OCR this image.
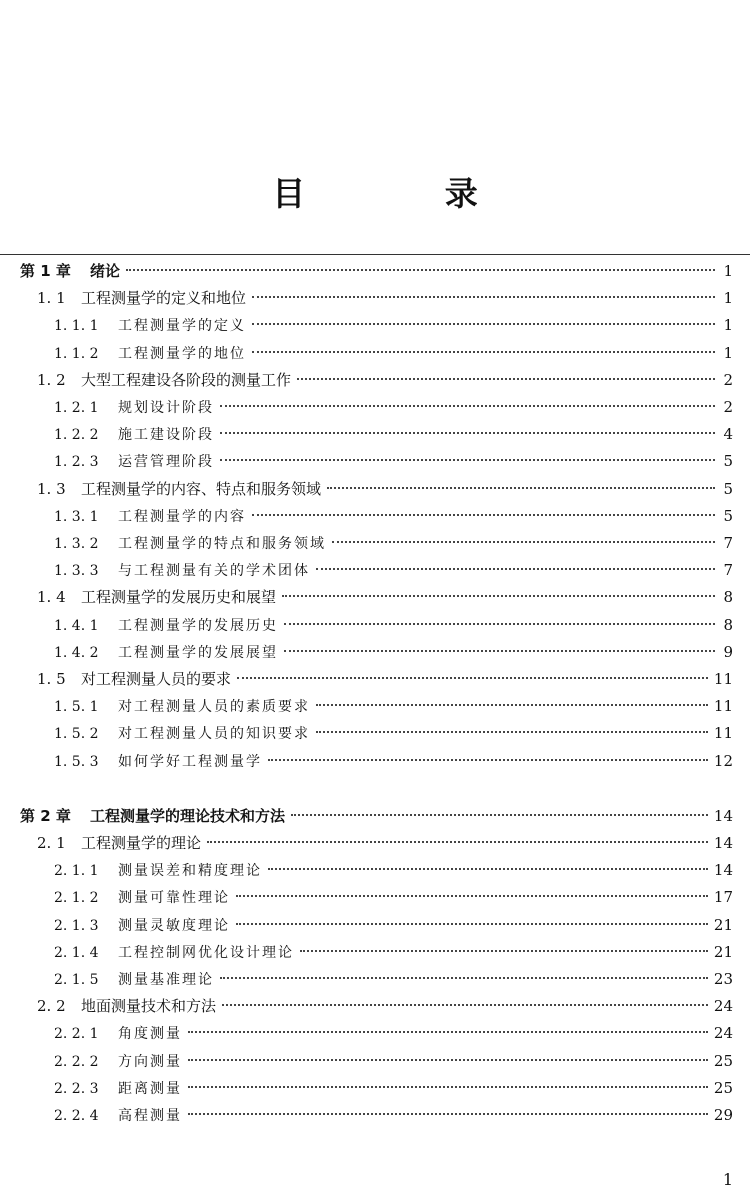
目 录
第 1 章	绪论	1
1. 1	工程测量学的定义和地位	1
1. 1. 1	工程测量学的定义	1
1. 1. 2	工程测量学的地位	1
1. 2	大型工程建设各阶段的测量工作	2
1. 2. 1	规划设计阶段	2
1. 2. 2	施工建设阶段	4
1. 2. 3	运营管理阶段	5
1. 3	工程测量学的内容、特点和服务领域	5
1. 3. 1	工程测量学的内容	5
1. 3. 2	工程测量学的特点和服务领域	7
1. 3. 3	与工程测量有关的学术团体	7
1. 4	工程测量学的发展历史和展望	8
1. 4. 1	工程测量学的发展历史	8
1. 4. 2	工程测量学的发展展望	9
1. 5	对工程测量人员的要求	11
1. 5. 1	对工程测量人员的素质要求	11
1. 5. 2	对工程测量人员的知识要求	11
1. 5. 3	如何学好工程测量学	12
第 2 章	工程测量学的理论技术和方法	14
2. 1	工程测量学的理论	14
2. 1. 1	测量误差和精度理论	14
2. 1. 2	测量可靠性理论	17
2. 1. 3	测量灵敏度理论	21
2. 1. 4	工程控制网优化设计理论	21
2. 1. 5	测量基准理论	23
2. 2	地面测量技术和方法	24
2. 2. 1	角度测量	24
2. 2. 2	方向测量	25
2. 2. 3	距离测量	25
2. 2. 4	高程测量	29
1
